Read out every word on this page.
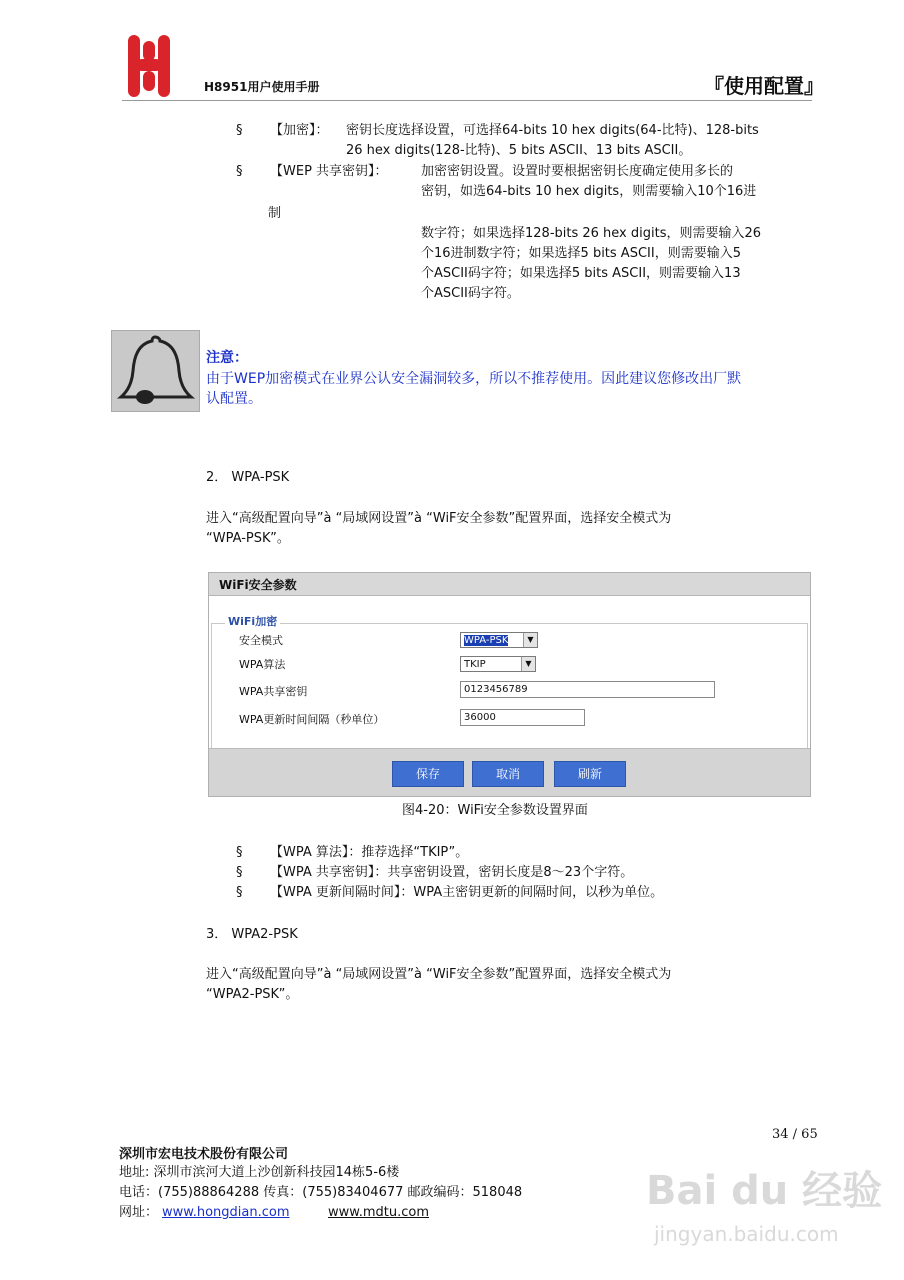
H8951用户使用手册	『使用配置』
§ 【加密】： 密钥长度选择设置，可选择64-bits 10 hex digits(64-比特)、128-bits
26 hex digits(128-比特)、5 bits ASCII、13 bits ASCII。
§ 【WEP 共享密钥】：	加密密钥设置。设置时要根据密钥长度确定使用多长的
密钥，如选64-bits 10 hex digits，则需要输入10个16进
制
数字符；如果选择128-bits 26 hex digits，则需要输入26
个16进制数字符；如果选择5 bits ASCII，则需要输入5
个ASCII码字符；如果选择5 bits ASCII，则需要输入13
个ASCII码字符。
注意：
由于WEP加密模式在业界公认安全漏洞较多，所以不推荐使用。因此建议您修改出厂默
认配置。
2． WPA-PSK
进入“高级配置向导”à “局域网设置”à “WiF安全参数”配置界面，选择安全模式为
“WPA-PSK”。
WiFi安全参数
WiFi加密
安全模式	WPA-PSK	▼
WPA算法	TKIP	▼
WPA共享密钥	0123456789
WPA更新时间间隔（秒单位）	36000
保存	取消	刷新
图4-20：WiFi安全参数设置界面
§ 【WPA 算法】：推荐选择“TKIP”。
§ 【WPA 共享密钥】：共享密钥设置，密钥长度是8～23个字符。
§ 【WPA 更新间隔时间】：WPA主密钥更新的间隔时间，以秒为单位。
3． WPA2-PSK
进入“高级配置向导”à “局域网设置”à “WiF安全参数”配置界面，选择安全模式为
“WPA2-PSK”。
34 / 65
深圳市宏电技术股份有限公司
地址: 深圳市滨河大道上沙创新科技园14栋5-6楼
电话：(755)88864288 传真：(755)83404677 邮政编码：518048
网址： www.hongdian.com	www.mdtu.com	Bai du 经验
jingyan.baidu.com
